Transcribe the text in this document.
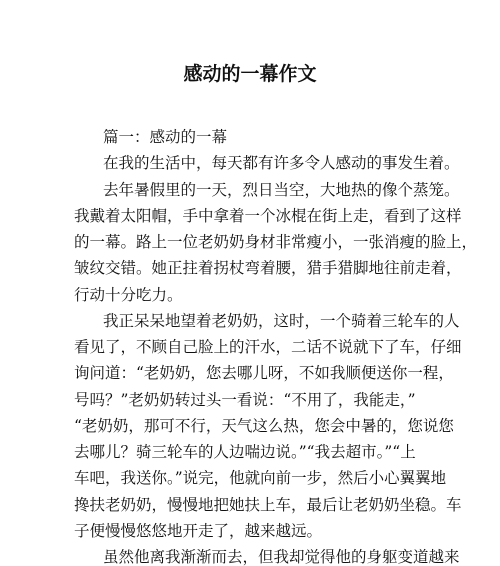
感动的一幕作文

篇一：感动的一幕

在我的生活中，每天都有许多令人感动的事发生着。

去年暑假里的一天，烈日当空，大地热的像个蒸笼。

我戴着太阳帽，手中拿着一个冰棍在街上走，看到了这样

的一幕。路上一位老奶奶身材非常瘦小，一张消瘦的脸上，

皱纹交错。她正拄着拐杖弯着腰，猎手猎脚地往前走着，

行动十分吃力。

我正呆呆地望着老奶奶，这时，一个骑着三轮车的人

看见了，不顾自己脸上的汗水，二话不说就下了车，仔细

询问道：“老奶奶，您去哪儿呀，不如我顺便送你一程，

号吗？”老奶奶转过头一看说：“不用了，我能走，”

“老奶奶，那可不行，天气这么热，您会中暑的，您说您

去哪儿？骑三轮车的人边喘边说。”“我去超市。”“上

车吧，我送你。”说完，他就向前一步，然后小心翼翼地

搀扶老奶奶，慢慢地把她扶上车，最后让老奶奶坐稳。车

子便慢慢悠悠地开走了，越来越远。

虽然他离我渐渐而去，但我却觉得他的身躯变道越来
